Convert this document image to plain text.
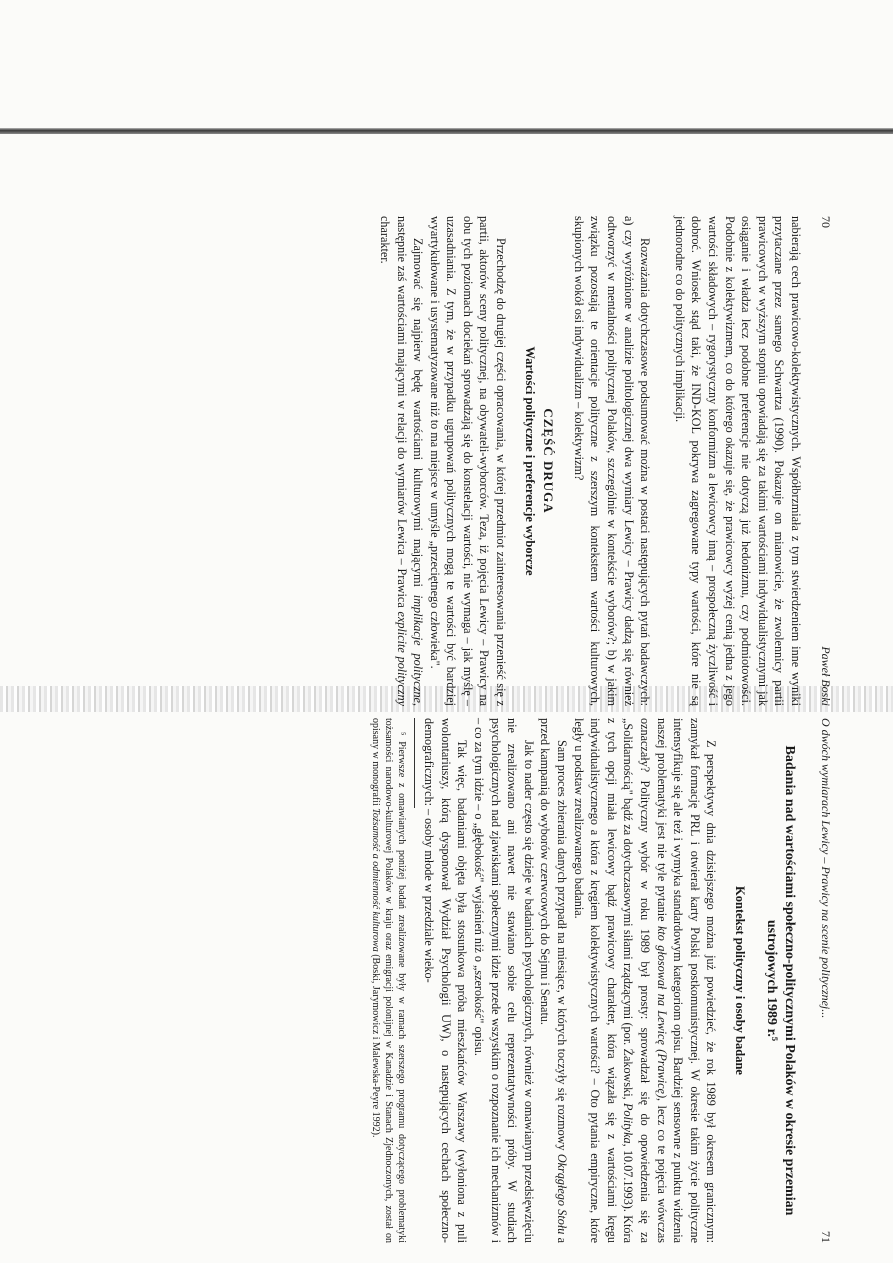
70
Paweł Boski

nabierają cech prawicowo-kolektywistycznych. Współbrzmiała z tym stwierdzeniem inne wyniki przytaczane przez samego Schwartza (1990). Pokazuje on mianowicie, że zwolennicy partii prawicowych w wyższym stopniu opowiadają się za takimi wartościami indywidualistycznymi jak osiąganie i władza lecz podobne preferencje nie dotyczą już hedonizmu, czy podmiotowości. Podobnie z kolektywizmem, co do którego okazuje się, że prawicowcy wyżej cenią jedna z jego wartości składowych – rygorystyczny konformizm a lewicowcy inną – prospołeczną życzliwość i dobroć. Wniosek stąd taki, że IND-KOL pokrywa zagregowane typy wartości, które nie są jednorodne co do politycznych implikacji.

Rozważania dotychczasowe podsumować można w postaci następujących pytań badawczych: a) czy wyróżnione w analizie politologicznej dwa wymiary Lewicy – Prawicy dadzą się również odtworzyć w mentalności politycznej Polaków, szczególnie w kontekście wyborów?; b) w jakim związku pozostają te orientacje polityczne z szerszym kontekstem wartości kulturowych, skupionych wokół osi indywidualizm – kolektywizm?

CZĘŚĆ DRUGA
Wartości polityczne i preferencje wyborcze

Przechodzę do drugiej części opracowania, w której przedmiot zainteresowania przenieść się z partii, aktorów sceny politycznej, na obywateli-wyborców. Teza, iż pojęcia Lewicy – Prawicy na obu tych poziomach dociekań sprowadzają się do konstelacji wartości, nie wymaga – jak myślę – uzasadniania. Z tym, że w przypadku ugrupowań politycznych mogą te wartości być bardziej wyartykułowane i usystematyzowane niż to ma miejsce w umyśle „przeciętnego człowieka".

Zajmować się najpierw będę wartościami kulturowymi mającymi implikacje polityczne, następnie zaś wartościami mającymi w relacji do wymiarów Lewica – Prawica explicite polityczny charakter.

O dwóch wymiarach Lewicy – Prawicy na scenie politycznej...
71
Badania nad wartościami społeczno-politycznymi Polaków w okresie przemian ustrojowych 1989 r.⁵
Kontekst polityczny i osoby badane

Z perspektywy dnia dzisiejszego można już powiedzieć, że rok 1989 był okresem granicznym: zamykał formację PRL i otwierał karty Polski postkomunistycznej. W okresie takim życie polityczne intensyfikuje się ale też i wymyka standardowym kategoriom opisu. Bardziej sensowne z punktu widzenia naszej problematyki jest nie tyle pytanie kto głosował na Lewicę (Prawicę), lecz co te pojęcia wówczas oznaczały? Polityczny wybór w roku 1989 był prosty: sprowadzał się do opowiedzenia się za „Solidarnością" bądź za dotychczasowymi siłami rządzącymi (por. Żakowski, Polityka, 10.07.1993). Która z tych opcji miała lewicowy bądź prawicowy charakter, która wiązała się z wartościami kręgu indywidualistycznego a która z kręgiem kolektywistycznych wartości? – Oto pytania empiryczne, które legły u podstaw zrealizowanego badania.

Sam proces zbierania danych przypadł na miesiące, w których toczyły się rozmowy Okrągłego Stołu a przed kampanią do wyborów czerwcowych do Sejmu i Senatu.

Jak to nader często się dzieje w badaniach psychologicznych, również w omawianym przedsięwzięciu nie zrealizowano ani nawet nie stawiano sobie celu reprezentatywności próby. W studiach psychologicznych nad zjawiskami społecznymi idzie przede wszystkim o rozpoznanie ich mechanizmów i – co za tym idzie – o „głębokość" wyjaśnień niż o „szerokość" opisu.

Tak więc, badaniami objęta była stosunkowa próba mieszkańców Warszawy (wyłoniona z puli wolontariuszy, którą dysponował Wydział Psychologii UW), o następujących cechach społeczno-demograficznych: – osoby młode w przedziale wieko-

⁵ Pierwsze z omawianych poniżej badań zrealizowane były w ramach szerszego programu dotyczącego problematyki tożsamości narodowo-kulturowej Polaków w kraju oraz emigracji polonijnej w Kanadzie i Stanach Zjednoczonych, został on opisany w monografii Tożsamość a odmienność kulturowa (Boski, Jarymowicz i Malewska-Peyre 1992).
